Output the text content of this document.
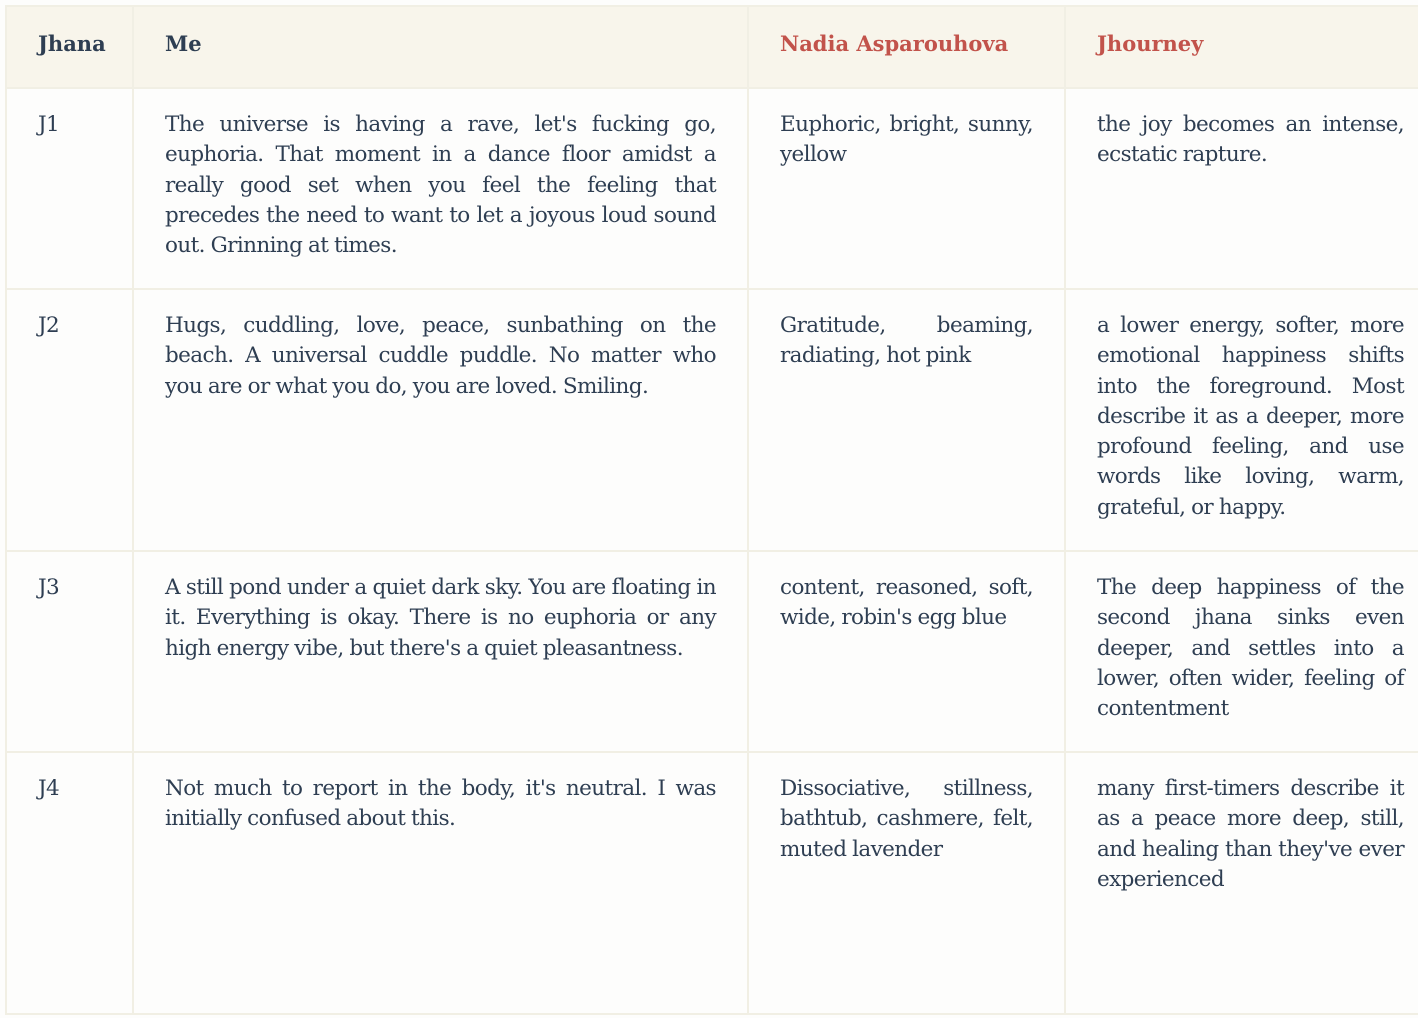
Jhana	Me	Nadia Asparouhova	Jhourney
J1	The universe is having a rave, let's fucking go, euphoria. That moment in a dance floor amidst a really good set when you feel the feeling that precedes the need to want to let a joyous loud sound out. Grinning at times.	Euphoric, bright, sunny, yellow	the joy becomes an intense, ecstatic rapture.
J2	Hugs, cuddling, love, peace, sunbathing on the beach. A universal cuddle puddle. No matter who you are or what you do, you are loved. Smiling.	Gratitude, beaming, radiating, hot pink	a lower energy, softer, more emotional happiness shifts into the foreground. Most describe it as a deeper, more profound feeling, and use words like loving, warm, grateful, or happy.
J3	A still pond under a quiet dark sky. You are floating in it. Everything is okay. There is no euphoria or any high energy vibe, but there's a quiet pleasantness.	content, reasoned, soft, wide, robin's egg blue	The deep happiness of the second jhana sinks even deeper, and settles into a lower, often wider, feeling of contentment
J4	Not much to report in the body, it's neutral. I was initially confused about this.	Dissociative, stillness, bathtub, cashmere, felt, muted lavender	many first-timers describe it as a peace more deep, still, and healing than they've ever experienced
